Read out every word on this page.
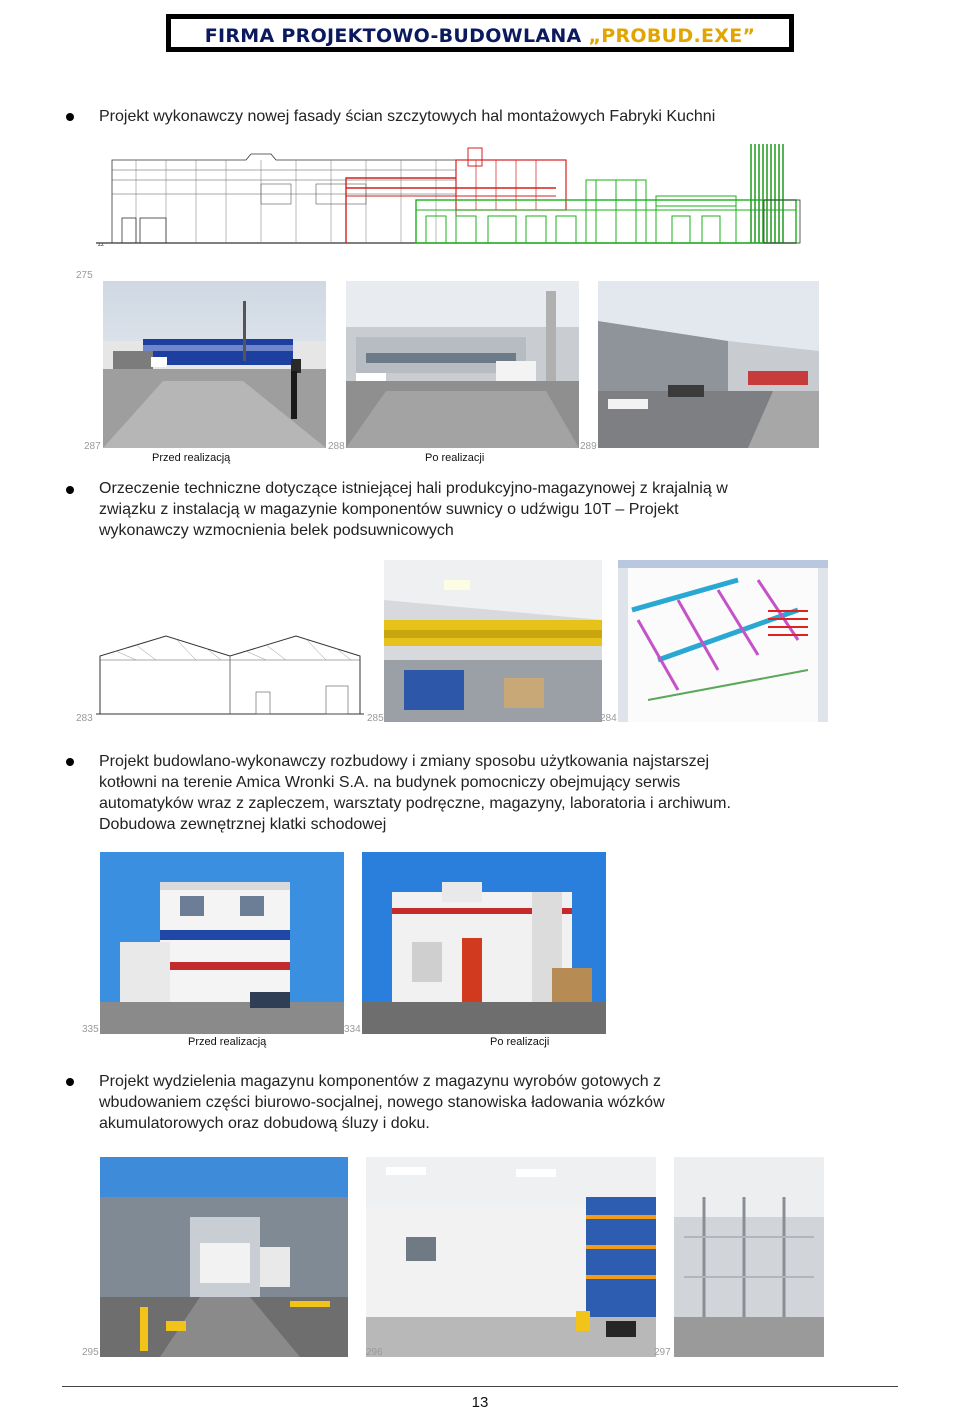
FIRMA PROJEKTOWO-BUDOWLANA „PROBUD.EXE”
Projekt wykonawczy nowej fasady ścian szczytowych hal montażowych Fabryki Kuchni
zz
275
287	288	289
Przed realizacją	Po realizacji
Orzeczenie techniczne dotyczące istniejącej hali produkcyjno-magazynowej z krajalnią w
związku z instalacją w magazynie komponentów suwnicy o udźwigu 10T – Projekt
wykonawczy wzmocnienia belek podsuwnicowych
283	285	284
Projekt budowlano-wykonawczy rozbudowy i zmiany sposobu użytkowania najstarszej
kotłowni na terenie Amica Wronki S.A. na budynek pomocniczy obejmujący serwis
automatyków wraz z zapleczem, warsztaty podręczne, magazyny, laboratoria i archiwum.
Dobudowa zewnętrznej klatki schodowej
335	334
Przed realizacją	Po realizacji
Projekt wydzielenia magazynu komponentów z magazynu wyrobów gotowych z
wbudowaniem części biurowo-socjalnej, nowego stanowiska ładowania wózków
akumulatorowych oraz dobudową śluzy i doku.
295	296	297
13
